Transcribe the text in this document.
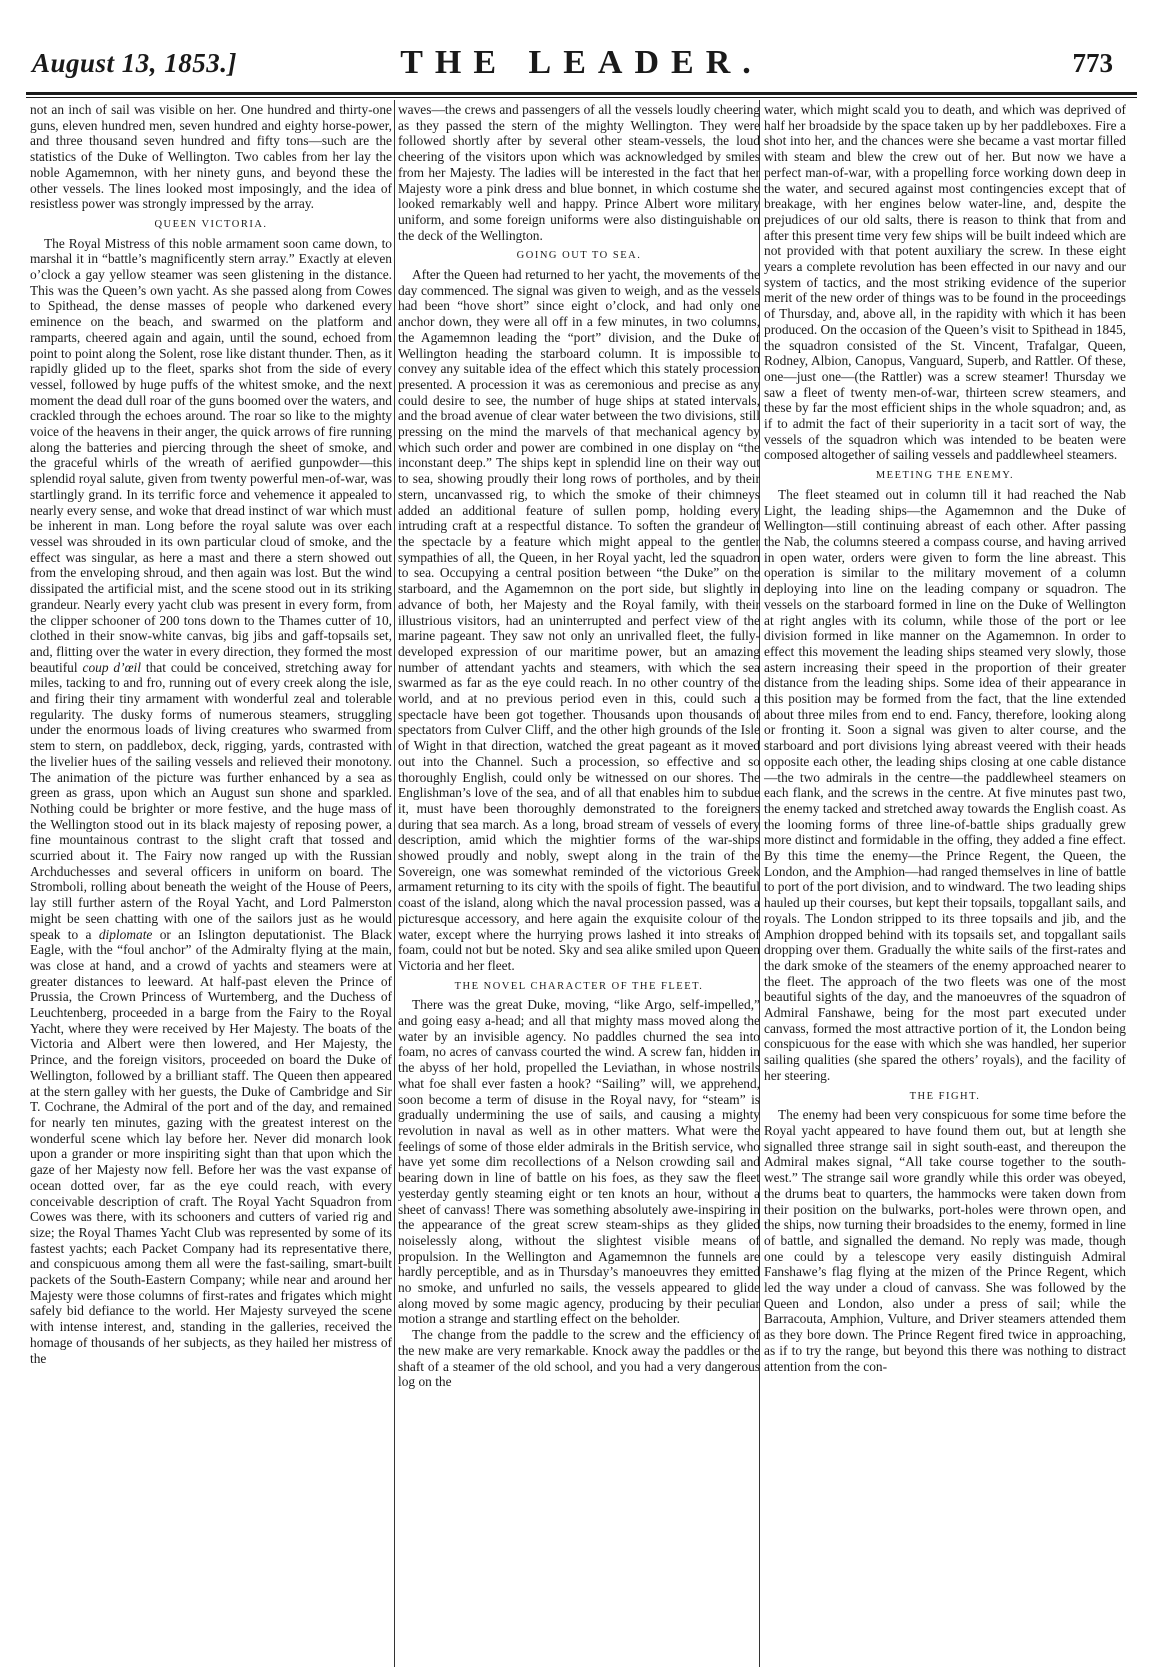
August 13, 1853.]	THE LEADER.	773

not an inch of sail was visible on her. One hundred and thirty-one guns, eleven hundred men, seven hundred and eighty horse-power, and three thousand seven hundred and fifty tons—such are the statistics of the Duke of Wellington. Two cables from her lay the noble Agamemnon, with her ninety guns, and beyond these the other vessels. The lines looked most imposingly, and the idea of resistless power was strongly impressed by the array.

QUEEN VICTORIA.

The Royal Mistress of this noble armament soon came down, to marshal it in “battle’s magnificently stern array.” Exactly at eleven o’clock a gay yellow steamer was seen glistening in the distance. This was the Queen’s own yacht. As she passed along from Cowes to Spithead, the dense masses of people who darkened every eminence on the beach, and swarmed on the platform and ramparts, cheered again and again, until the sound, echoed from point to point along the Solent, rose like distant thunder. Then, as it rapidly glided up to the fleet, sparks shot from the side of every vessel, followed by huge puffs of the whitest smoke, and the next moment the dead dull roar of the guns boomed over the waters, and crackled through the echoes around. The roar so like to the mighty voice of the heavens in their anger, the quick arrows of fire running along the batteries and piercing through the sheet of smoke, and the graceful whirls of the wreath of aerified gunpowder—this splendid royal salute, given from twenty powerful men-of-war, was startlingly grand. In its terrific force and vehemence it appealed to nearly every sense, and woke that dread instinct of war which must be inherent in man. Long before the royal salute was over each vessel was shrouded in its own particular cloud of smoke, and the effect was singular, as here a mast and there a stern showed out from the enveloping shroud, and then again was lost. But the wind dissipated the artificial mist, and the scene stood out in its striking grandeur. Nearly every yacht club was present in every form, from the clipper schooner of 200 tons down to the Thames cutter of 10, clothed in their snow-white canvas, big jibs and gaff-topsails set, and, flitting over the water in every direction, they formed the most beautiful coup d’œil that could be conceived, stretching away for miles, tacking to and fro, running out of every creek along the isle, and firing their tiny armament with wonderful zeal and tolerable regularity. The dusky forms of numerous steamers, struggling under the enormous loads of living creatures who swarmed from stem to stern, on paddlebox, deck, rigging, yards, contrasted with the livelier hues of the sailing vessels and relieved their monotony. The animation of the picture was further enhanced by a sea as green as grass, upon which an August sun shone and sparkled. Nothing could be brighter or more festive, and the huge mass of the Wellington stood out in its black majesty of reposing power, a fine mountainous contrast to the slight craft that tossed and scurried about it. The Fairy now ranged up with the Russian Archduchesses and several officers in uniform on board. The Stromboli, rolling about beneath the weight of the House of Peers, lay still further astern of the Royal Yacht, and Lord Palmerston might be seen chatting with one of the sailors just as he would speak to a diplomate or an Islington deputationist. The Black Eagle, with the “foul anchor” of the Admiralty flying at the main, was close at hand, and a crowd of yachts and steamers were at greater distances to leeward. At half-past eleven the Prince of Prussia, the Crown Princess of Wurtemberg, and the Duchess of Leuchtenberg, proceeded in a barge from the Fairy to the Royal Yacht, where they were received by Her Majesty. The boats of the Victoria and Albert were then lowered, and Her Majesty, the Prince, and the foreign visitors, proceeded on board the Duke of Wellington, followed by a brilliant staff. The Queen then appeared at the stern galley with her guests, the Duke of Cambridge and Sir T. Cochrane, the Admiral of the port and of the day, and remained for nearly ten minutes, gazing with the greatest interest on the wonderful scene which lay before her. Never did monarch look upon a grander or more inspiriting sight than that upon which the gaze of her Majesty now fell. Before her was the vast expanse of ocean dotted over, far as the eye could reach, with every conceivable description of craft. The Royal Yacht Squadron from Cowes was there, with its schooners and cutters of varied rig and size; the Royal Thames Yacht Club was represented by some of its fastest yachts; each Packet Company had its representative there, and conspicuous among them all were the fast-sailing, smart-built packets of the South-Eastern Company; while near and around her Majesty were those columns of first-rates and frigates which might safely bid defiance to the world. Her Majesty surveyed the scene with intense interest, and, standing in the galleries, received the homage of thousands of her subjects, as they hailed her mistress of the

waves—the crews and passengers of all the vessels loudly cheering as they passed the stern of the mighty Wellington. They were followed shortly after by several other steam-vessels, the loud cheering of the visitors upon which was acknowledged by smiles from her Majesty. The ladies will be interested in the fact that her Majesty wore a pink dress and blue bonnet, in which costume she looked remarkably well and happy. Prince Albert wore military uniform, and some foreign uniforms were also distinguishable on the deck of the Wellington.

GOING OUT TO SEA.

After the Queen had returned to her yacht, the movements of the day commenced. The signal was given to weigh, and as the vessels had been “hove short” since eight o’clock, and had only one anchor down, they were all off in a few minutes, in two columns, the Agamemnon leading the “port” division, and the Duke of Wellington heading the starboard column. It is impossible to convey any suitable idea of the effect which this stately procession presented. A procession it was as ceremonious and precise as any could desire to see, the number of huge ships at stated intervals, and the broad avenue of clear water between the two divisions, still pressing on the mind the marvels of that mechanical agency by which such order and power are combined in one display on “the inconstant deep.” The ships kept in splendid line on their way out to sea, showing proudly their long rows of portholes, and by their stern, uncanvassed rig, to which the smoke of their chimneys added an additional feature of sullen pomp, holding every intruding craft at a respectful distance. To soften the grandeur of the spectacle by a feature which might appeal to the gentler sympathies of all, the Queen, in her Royal yacht, led the squadron to sea. Occupying a central position between “the Duke” on the starboard, and the Agamemnon on the port side, but slightly in advance of both, her Majesty and the Royal family, with their illustrious visitors, had an uninterrupted and perfect view of the marine pageant. They saw not only an unrivalled fleet, the fully-developed expression of our maritime power, but an amazing number of attendant yachts and steamers, with which the sea swarmed as far as the eye could reach. In no other country of the world, and at no previous period even in this, could such a spectacle have been got together. Thousands upon thousands of spectators from Culver Cliff, and the other high grounds of the Isle of Wight in that direction, watched the great pageant as it moved out into the Channel. Such a procession, so effective and so thoroughly English, could only be witnessed on our shores. The Englishman’s love of the sea, and of all that enables him to subdue it, must have been thoroughly demonstrated to the foreigners during that sea march. As a long, broad stream of vessels of every description, amid which the mightier forms of the war-ships showed proudly and nobly, swept along in the train of the Sovereign, one was somewhat reminded of the victorious Greek armament returning to its city with the spoils of fight. The beautiful coast of the island, along which the naval procession passed, was a picturesque accessory, and here again the exquisite colour of the water, except where the hurrying prows lashed it into streaks of foam, could not but be noted. Sky and sea alike smiled upon Queen Victoria and her fleet.

THE NOVEL CHARACTER OF THE FLEET.

There was the great Duke, moving, “like Argo, self-impelled,” and going easy a-head; and all that mighty mass moved along the water by an invisible agency. No paddles churned the sea into foam, no acres of canvass courted the wind. A screw fan, hidden in the abyss of her hold, propelled the Leviathan, in whose nostrils what foe shall ever fasten a hook? “Sailing” will, we apprehend, soon become a term of disuse in the Royal navy, for “steam” is gradually undermining the use of sails, and causing a mighty revolution in naval as well as in other matters. What were the feelings of some of those elder admirals in the British service, who have yet some dim recollections of a Nelson crowding sail and bearing down in line of battle on his foes, as they saw the fleet yesterday gently steaming eight or ten knots an hour, without a sheet of canvass! There was something absolutely awe-inspiring in the appearance of the great screw steam-ships as they glided noiselessly along, without the slightest visible means of propulsion. In the Wellington and Agamemnon the funnels are hardly perceptible, and as in Thursday’s manoeuvres they emitted no smoke, and unfurled no sails, the vessels appeared to glide along moved by some magic agency, producing by their peculiar motion a strange and startling effect on the beholder.

The change from the paddle to the screw and the efficiency of the new make are very remarkable. Knock away the paddles or the shaft of a steamer of the old school, and you had a very dangerous log on the

water, which might scald you to death, and which was deprived of half her broadside by the space taken up by her paddleboxes. Fire a shot into her, and the chances were she became a vast mortar filled with steam and blew the crew out of her. But now we have a perfect man-of-war, with a propelling force working down deep in the water, and secured against most contingencies except that of breakage, with her engines below water-line, and, despite the prejudices of our old salts, there is reason to think that from and after this present time very few ships will be built indeed which are not provided with that potent auxiliary the screw. In these eight years a complete revolution has been effected in our navy and our system of tactics, and the most striking evidence of the superior merit of the new order of things was to be found in the proceedings of Thursday, and, above all, in the rapidity with which it has been produced. On the occasion of the Queen’s visit to Spithead in 1845, the squadron consisted of the St. Vincent, Trafalgar, Queen, Rodney, Albion, Canopus, Vanguard, Superb, and Rattler. Of these, one—just one—(the Rattler) was a screw steamer! Thursday we saw a fleet of twenty men-of-war, thirteen screw steamers, and these by far the most efficient ships in the whole squadron; and, as if to admit the fact of their superiority in a tacit sort of way, the vessels of the squadron which was intended to be beaten were composed altogether of sailing vessels and paddlewheel steamers.

MEETING THE ENEMY.

The fleet steamed out in column till it had reached the Nab Light, the leading ships—the Agamemnon and the Duke of Wellington—still continuing abreast of each other. After passing the Nab, the columns steered a compass course, and having arrived in open water, orders were given to form the line abreast. This operation is similar to the military movement of a column deploying into line on the leading company or squadron. The vessels on the starboard formed in line on the Duke of Wellington at right angles with its column, while those of the port or lee division formed in like manner on the Agamemnon. In order to effect this movement the leading ships steamed very slowly, those astern increasing their speed in the proportion of their greater distance from the leading ships. Some idea of their appearance in this position may be formed from the fact, that the line extended about three miles from end to end. Fancy, therefore, looking along or fronting it. Soon a signal was given to alter course, and the starboard and port divisions lying abreast veered with their heads opposite each other, the leading ships closing at one cable distance—the two admirals in the centre—the paddlewheel steamers on each flank, and the screws in the centre. At five minutes past two, the enemy tacked and stretched away towards the English coast. As the looming forms of three line-of-battle ships gradually grew more distinct and formidable in the offing, they added a fine effect. By this time the enemy—the Prince Regent, the Queen, the London, and the Amphion—had ranged themselves in line of battle to port of the port division, and to windward. The two leading ships hauled up their courses, but kept their topsails, topgallant sails, and royals. The London stripped to its three topsails and jib, and the Amphion dropped behind with its topsails set, and topgallant sails dropping over them. Gradually the white sails of the first-rates and the dark smoke of the steamers of the enemy approached nearer to the fleet. The approach of the two fleets was one of the most beautiful sights of the day, and the manoeuvres of the squadron of Admiral Fanshawe, being for the most part executed under canvass, formed the most attractive portion of it, the London being conspicuous for the ease with which she was handled, her superior sailing qualities (she spared the others’ royals), and the facility of her steering.

THE FIGHT.

The enemy had been very conspicuous for some time before the Royal yacht appeared to have found them out, but at length she signalled three strange sail in sight south-east, and thereupon the Admiral makes signal, “All take course together to the south-west.” The strange sail wore grandly while this order was obeyed, the drums beat to quarters, the hammocks were taken down from their position on the bulwarks, port-holes were thrown open, and the ships, now turning their broadsides to the enemy, formed in line of battle, and signalled the demand. No reply was made, though one could by a telescope very easily distinguish Admiral Fanshawe’s flag flying at the mizen of the Prince Regent, which led the way under a cloud of canvass. She was followed by the Queen and London, also under a press of sail; while the Barracouta, Amphion, Vulture, and Driver steamers attended them as they bore down. The Prince Regent fired twice in approaching, as if to try the range, but beyond this there was nothing to distract attention from the con-
